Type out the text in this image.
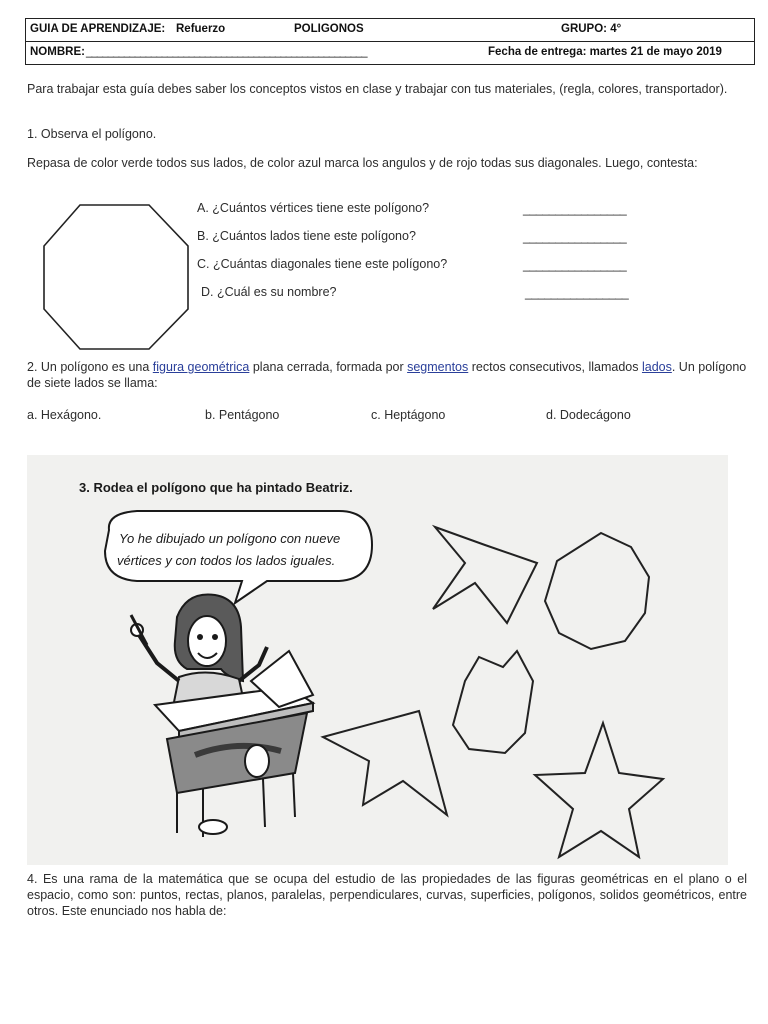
GUIA DE APRENDIZAJE: Refuerzo	POLIGONOS	GRUPO: 4°
NOMBRE: ____________________________________________________	Fecha de entrega: martes 21 de mayo 2019
Para trabajar esta guía debes saber los conceptos vistos en clase y trabajar con tus materiales, (regla, colores, transportador).
1. Observa el polígono.
Repasa de color verde todos sus lados, de color azul marca los angulos y de rojo todas sus diagonales. Luego, contesta:
A. ¿Cuántos vértices tiene este polígono?	________________
B. ¿Cuántos lados tiene este polígono?	________________
C. ¿Cuántas diagonales tiene este polígono?	________________
D. ¿Cuál es su nombre?	________________
2. Un polígono es una figura geométrica plana cerrada, formada por segmentos rectos consecutivos, llamados lados. Un polígono de siete lados se llama:
a. Hexágono.	b. Pentágono	c. Heptágono	d. Dodecágono
3. Rodea el polígono que ha pintado Beatriz.
Yo he dibujado un polígono con nueve
vértices y con todos los lados iguales.
4. Es una rama de la matemática que se ocupa del estudio de las propiedades de las figuras geométricas en el plano o el espacio, como son: puntos, rectas, planos, paralelas, perpendiculares, curvas, superficies, polígonos, solidos geométricos, entre otros. Este enunciado nos habla de:
